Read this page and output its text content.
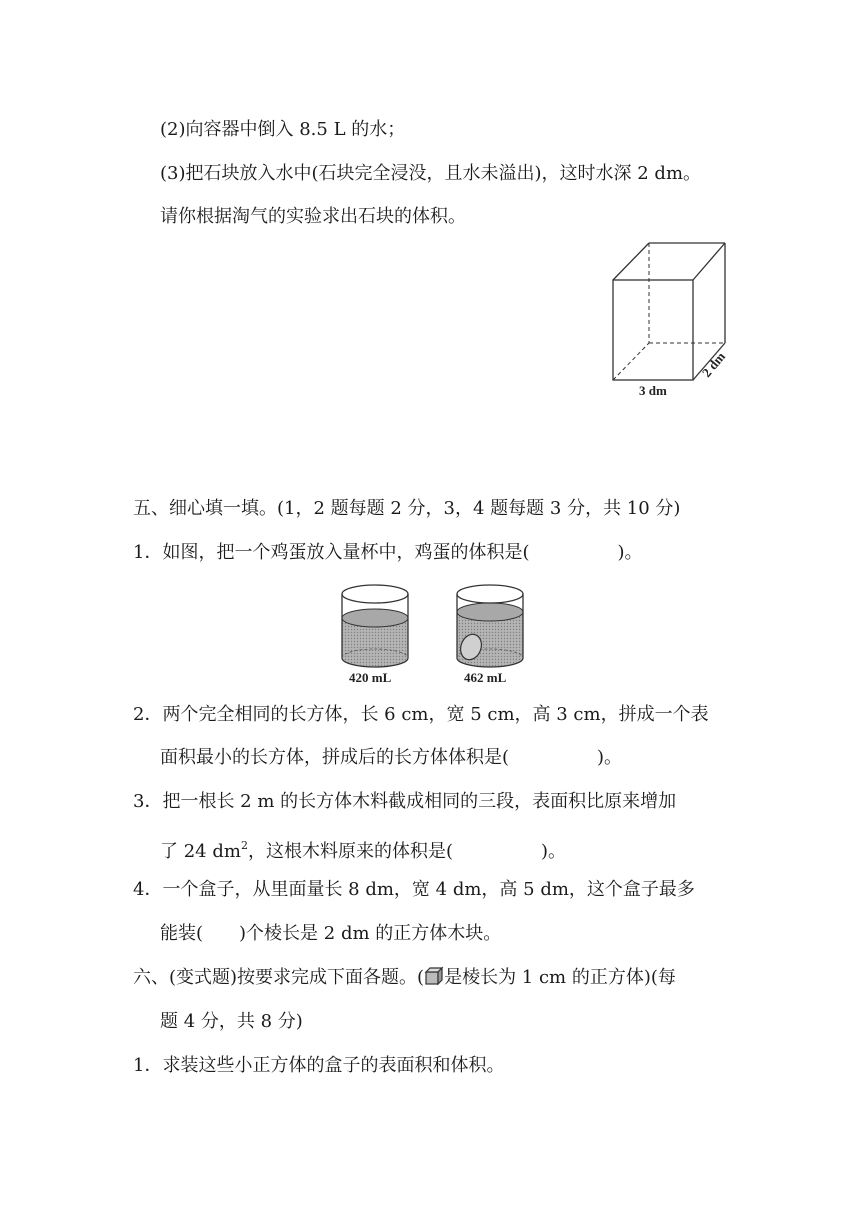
(2)向容器中倒入 8.5 L 的水；
(3)把石块放入水中(石块完全浸没，且水未溢出)，这时水深 2 dm。
请你根据淘气的实验求出石块的体积。
3 dm
2 dm
五、细心填一填。(1，2 题每题 2 分，3，4 题每题 3 分，共 10 分)
1．如图，把一个鸡蛋放入量杯中，鸡蛋的体积是(	)。
420 mL	462 mL
2．两个完全相同的长方体，长 6 cm，宽 5 cm，高 3 cm，拼成一个表
面积最小的长方体，拼成后的长方体体积是(	)。
3．把一根长 2 m 的长方体木料截成相同的三段，表面积比原来增加
了 24 $dm^2$，这根木料原来的体积是(	)。
4．一个盒子，从里面量长 8 dm，宽 4 dm，高 5 dm，这个盒子最多
能装( )个棱长是 2 dm 的正方体木块。
六、(变式题)按要求完成下面各题。( 是棱长为 1 cm 的正方体)(每
题 4 分，共 8 分)
1．求装这些小正方体的盒子的表面积和体积。
